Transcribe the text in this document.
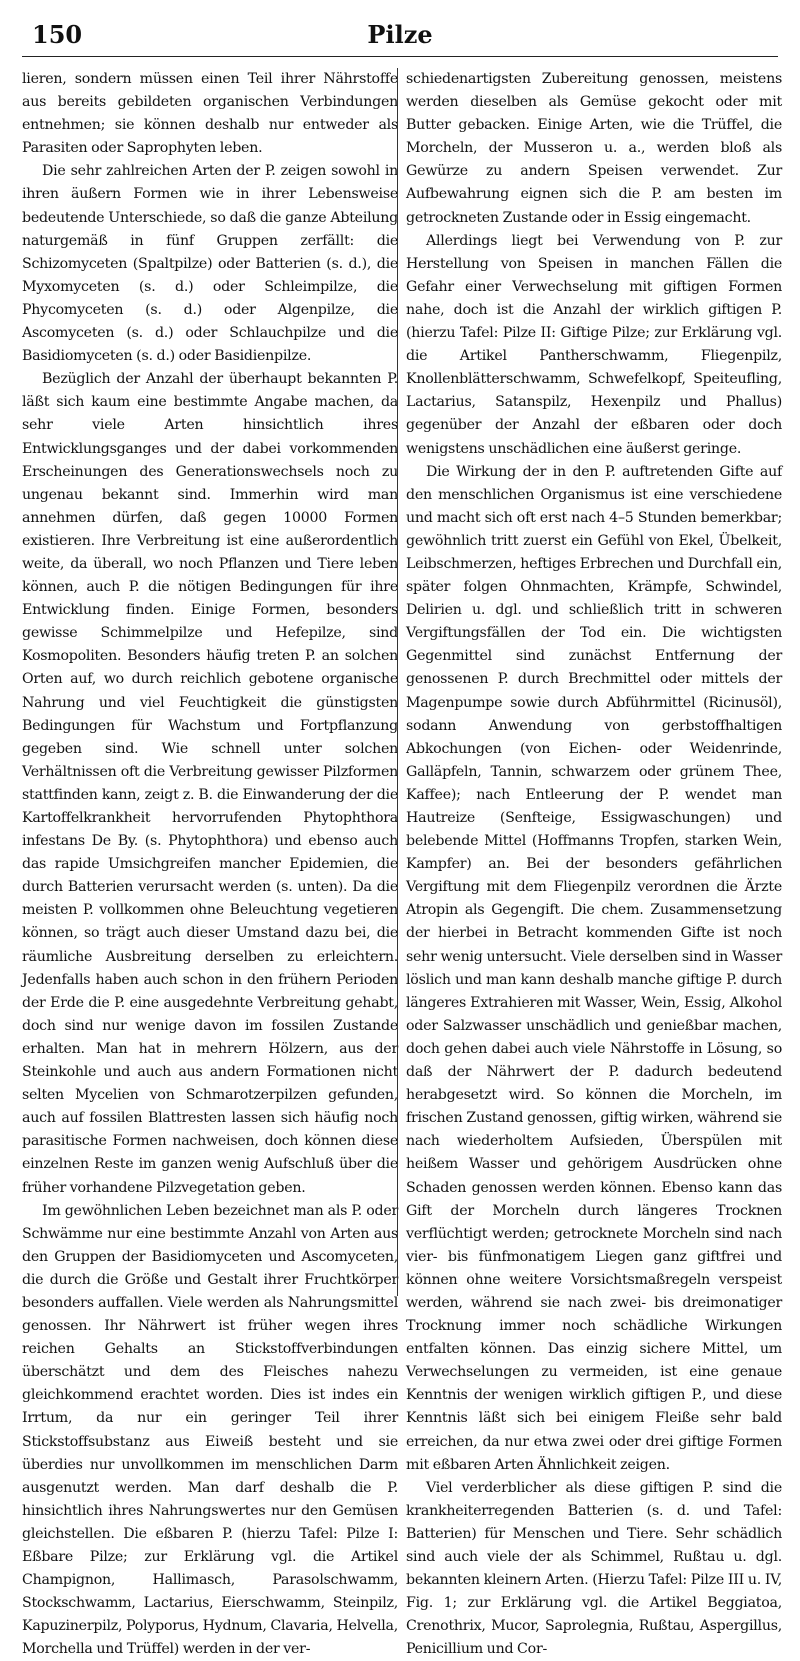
150	Pilze

lieren, sondern müssen einen Teil ihrer Nährstoffe aus bereits gebildeten organischen Verbindungen entnehmen; sie können deshalb nur entweder als Parasiten oder Saprophyten leben.

Die sehr zahlreichen Arten der P. zeigen sowohl in ihren äußern Formen wie in ihrer Lebensweise bedeutende Unterschiede, so daß die ganze Abteilung naturgemäß in fünf Gruppen zerfällt: die Schizomyceten (Spaltpilze) oder Batterien (s. d.), die Myxomyceten (s. d.) oder Schleimpilze, die Phycomyceten (s. d.) oder Algenpilze, die Ascomyceten (s. d.) oder Schlauchpilze und die Basidiomyceten (s. d.) oder Basidienpilze.

Bezüglich der Anzahl der überhaupt bekannten P. läßt sich kaum eine bestimmte Angabe machen, da sehr viele Arten hinsichtlich ihres Entwicklungsganges und der dabei vorkommenden Erscheinungen des Generationswechsels noch zu ungenau bekannt sind. Immerhin wird man annehmen dürfen, daß gegen 10000 Formen existieren. Ihre Verbreitung ist eine außerordentlich weite, da überall, wo noch Pflanzen und Tiere leben können, auch P. die nötigen Bedingungen für ihre Entwicklung finden. Einige Formen, besonders gewisse Schimmelpilze und Hefepilze, sind Kosmopoliten. Besonders häufig treten P. an solchen Orten auf, wo durch reichlich gebotene organische Nahrung und viel Feuchtigkeit die günstigsten Bedingungen für Wachstum und Fortpflanzung gegeben sind. Wie schnell unter solchen Verhältnissen oft die Verbreitung gewisser Pilzformen stattfinden kann, zeigt z. B. die Einwanderung der die Kartoffelkrankheit hervorrufenden Phytophthora infestans De By. (s. Phytophthora) und ebenso auch das rapide Umsichgreifen mancher Epidemien, die durch Batterien verursacht werden (s. unten). Da die meisten P. vollkommen ohne Beleuchtung vegetieren können, so trägt auch dieser Umstand dazu bei, die räumliche Ausbreitung derselben zu erleichtern. Jedenfalls haben auch schon in den frühern Perioden der Erde die P. eine ausgedehnte Verbreitung gehabt, doch sind nur wenige davon im fossilen Zustande erhalten. Man hat in mehrern Hölzern, aus der Steinkohle und auch aus andern Formationen nicht selten Mycelien von Schmarotzerpilzen gefunden, auch auf fossilen Blattresten lassen sich häufig noch parasitische Formen nachweisen, doch können diese einzelnen Reste im ganzen wenig Aufschluß über die früher vorhandene Pilzvegetation geben.

Im gewöhnlichen Leben bezeichnet man als P. oder Schwämme nur eine bestimmte Anzahl von Arten aus den Gruppen der Basidiomyceten und Ascomyceten, die durch die Größe und Gestalt ihrer Fruchtkörper besonders auffallen. Viele werden als Nahrungsmittel genossen. Ihr Nährwert ist früher wegen ihres reichen Gehalts an Stickstoffverbindungen überschätzt und dem des Fleisches nahezu gleichkommend erachtet worden. Dies ist indes ein Irrtum, da nur ein geringer Teil ihrer Stickstoffsubstanz aus Eiweiß besteht und sie überdies nur unvollkommen im menschlichen Darm ausgenutzt werden. Man darf deshalb die P. hinsichtlich ihres Nahrungswertes nur den Gemüsen gleichstellen. Die eßbaren P. (hierzu Tafel: Pilze I: Eßbare Pilze; zur Erklärung vgl. die Artikel Champignon, Hallimasch, Parasolschwamm, Stockschwamm, Lactarius, Eierschwamm, Steinpilz, Kapuzinerpilz, Polyporus, Hydnum, Clavaria, Helvella, Morchella und Trüffel) werden in der ver-

schiedenartigsten Zubereitung genossen, meistens werden dieselben als Gemüse gekocht oder mit Butter gebacken. Einige Arten, wie die Trüffel, die Morcheln, der Musseron u. a., werden bloß als Gewürze zu andern Speisen verwendet. Zur Aufbewahrung eignen sich die P. am besten im getrockneten Zustande oder in Essig eingemacht.

Allerdings liegt bei Verwendung von P. zur Herstellung von Speisen in manchen Fällen die Gefahr einer Verwechselung mit giftigen Formen nahe, doch ist die Anzahl der wirklich giftigen P. (hierzu Tafel: Pilze II: Giftige Pilze; zur Erklärung vgl. die Artikel Pantherschwamm, Fliegenpilz, Knollenblätterschwamm, Schwefelkopf, Speiteufling, Lactarius, Satanspilz, Hexenpilz und Phallus) gegenüber der Anzahl der eßbaren oder doch wenigstens unschädlichen eine äußerst geringe.

Die Wirkung der in den P. auftretenden Gifte auf den menschlichen Organismus ist eine verschiedene und macht sich oft erst nach 4–5 Stunden bemerkbar; gewöhnlich tritt zuerst ein Gefühl von Ekel, Übelkeit, Leibschmerzen, heftiges Erbrechen und Durchfall ein, später folgen Ohnmachten, Krämpfe, Schwindel, Delirien u. dgl. und schließlich tritt in schweren Vergiftungsfällen der Tod ein. Die wichtigsten Gegenmittel sind zunächst Entfernung der genossenen P. durch Brechmittel oder mittels der Magenpumpe sowie durch Abführmittel (Ricinusöl), sodann Anwendung von gerbstoffhaltigen Abkochungen (von Eichen- oder Weidenrinde, Galläpfeln, Tannin, schwarzem oder grünem Thee, Kaffee); nach Entleerung der P. wendet man Hautreize (Senfteige, Essigwaschungen) und belebende Mittel (Hoffmanns Tropfen, starken Wein, Kampfer) an. Bei der besonders gefährlichen Vergiftung mit dem Fliegenpilz verordnen die Ärzte Atropin als Gegengift. Die chem. Zusammensetzung der hierbei in Betracht kommenden Gifte ist noch sehr wenig untersucht. Viele derselben sind in Wasser löslich und man kann deshalb manche giftige P. durch längeres Extrahieren mit Wasser, Wein, Essig, Alkohol oder Salzwasser unschädlich und genießbar machen, doch gehen dabei auch viele Nährstoffe in Lösung, so daß der Nährwert der P. dadurch bedeutend herabgesetzt wird. So können die Morcheln, im frischen Zustand genossen, giftig wirken, während sie nach wiederholtem Aufsieden, Überspülen mit heißem Wasser und gehörigem Ausdrücken ohne Schaden genossen werden können. Ebenso kann das Gift der Morcheln durch längeres Trocknen verflüchtigt werden; getrocknete Morcheln sind nach vier- bis fünfmonatigem Liegen ganz giftfrei und können ohne weitere Vorsichtsmaßregeln verspeist werden, während sie nach zwei- bis dreimonatiger Trocknung immer noch schädliche Wirkungen entfalten können. Das einzig sichere Mittel, um Verwechselungen zu vermeiden, ist eine genaue Kenntnis der wenigen wirklich giftigen P., und diese Kenntnis läßt sich bei einigem Fleiße sehr bald erreichen, da nur etwa zwei oder drei giftige Formen mit eßbaren Arten Ähnlichkeit zeigen.

Viel verderblicher als diese giftigen P. sind die krankheiterregenden Batterien (s. d. und Tafel: Batterien) für Menschen und Tiere. Sehr schädlich sind auch viele der als Schimmel, Rußtau u. dgl. bekannten kleinern Arten. (Hierzu Tafel: Pilze III u. IV, Fig. 1; zur Erklärung vgl. die Artikel Beggiatoa, Crenothrix, Mucor, Saprolegnia, Rußtau, Aspergillus, Penicillium und Cor-
